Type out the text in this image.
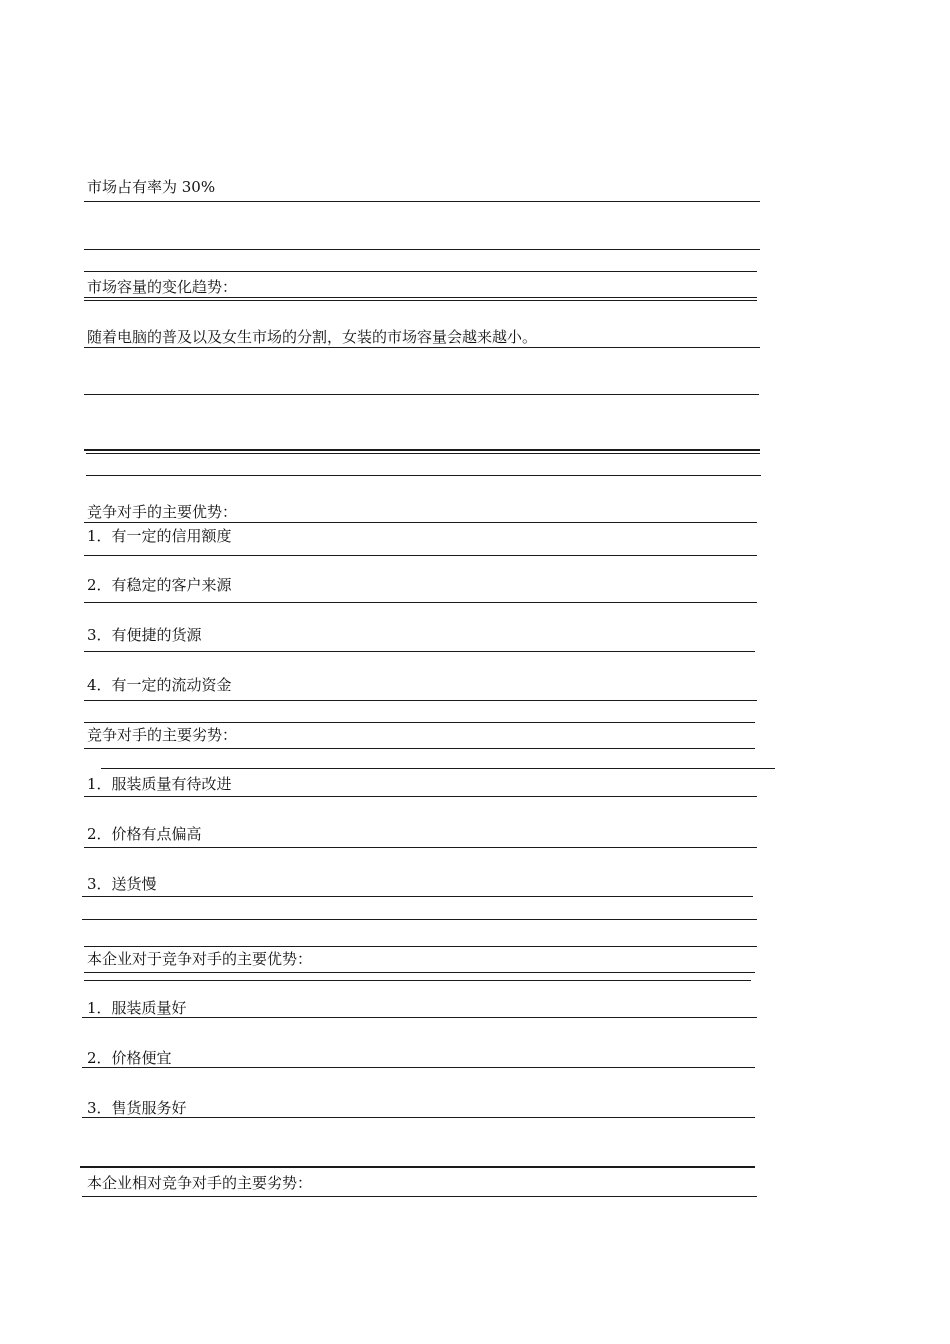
市场占有率为 30%
市场容量的变化趋势：
随着电脑的普及以及女生市场的分割，女装的市场容量会越来越小。
竞争对手的主要优势：
1．有一定的信用额度
2．有稳定的客户来源
3．有便捷的货源
4．有一定的流动资金
竞争对手的主要劣势：
1．服装质量有待改进
2．价格有点偏高
3．送货慢
本企业对于竞争对手的主要优势：
1．服装质量好
2．价格便宜
3．售货服务好
本企业相对竞争对手的主要劣势：
